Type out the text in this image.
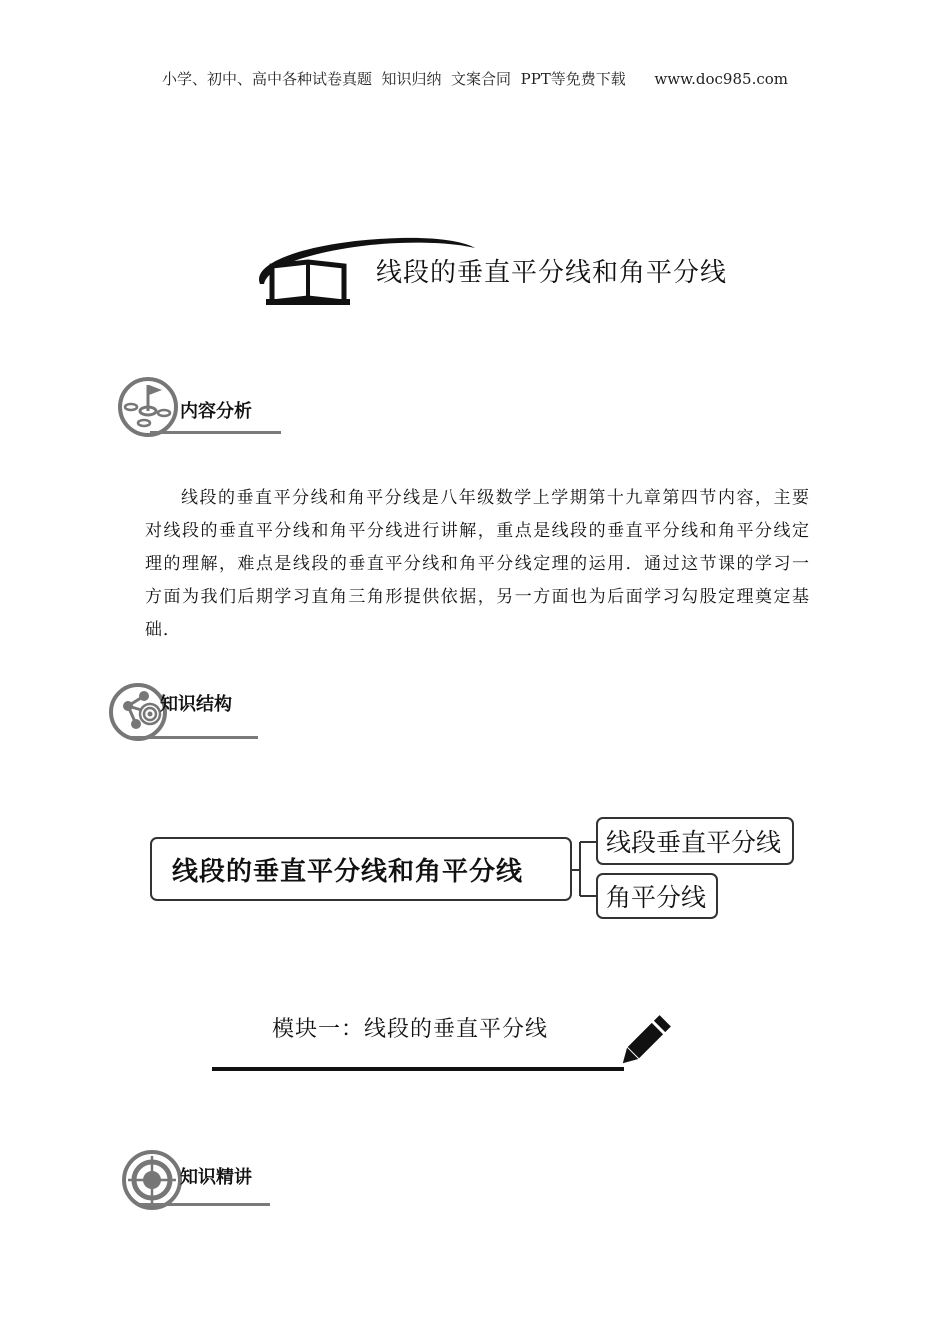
小学、初中、高中各种试卷真题  知识归纳  文案合同  PPT等免费下载      www.doc985.com
线段的垂直平分线和角平分线
内容分析
线段的垂直平分线和角平分线是八年级数学上学期第十九章第四节内容，主要对线段的垂直平分线和角平分线进行讲解，重点是线段的垂直平分线和角平分线定理的理解，难点是线段的垂直平分线和角平分线定理的运用．通过这节课的学习一方面为我们后期学习直角三角形提供依据，另一方面也为后面学习勾股定理奠定基础．
知识结构
线段的垂直平分线和角平分线
线段垂直平分线
角平分线
模块一：线段的垂直平分线
知识精讲
